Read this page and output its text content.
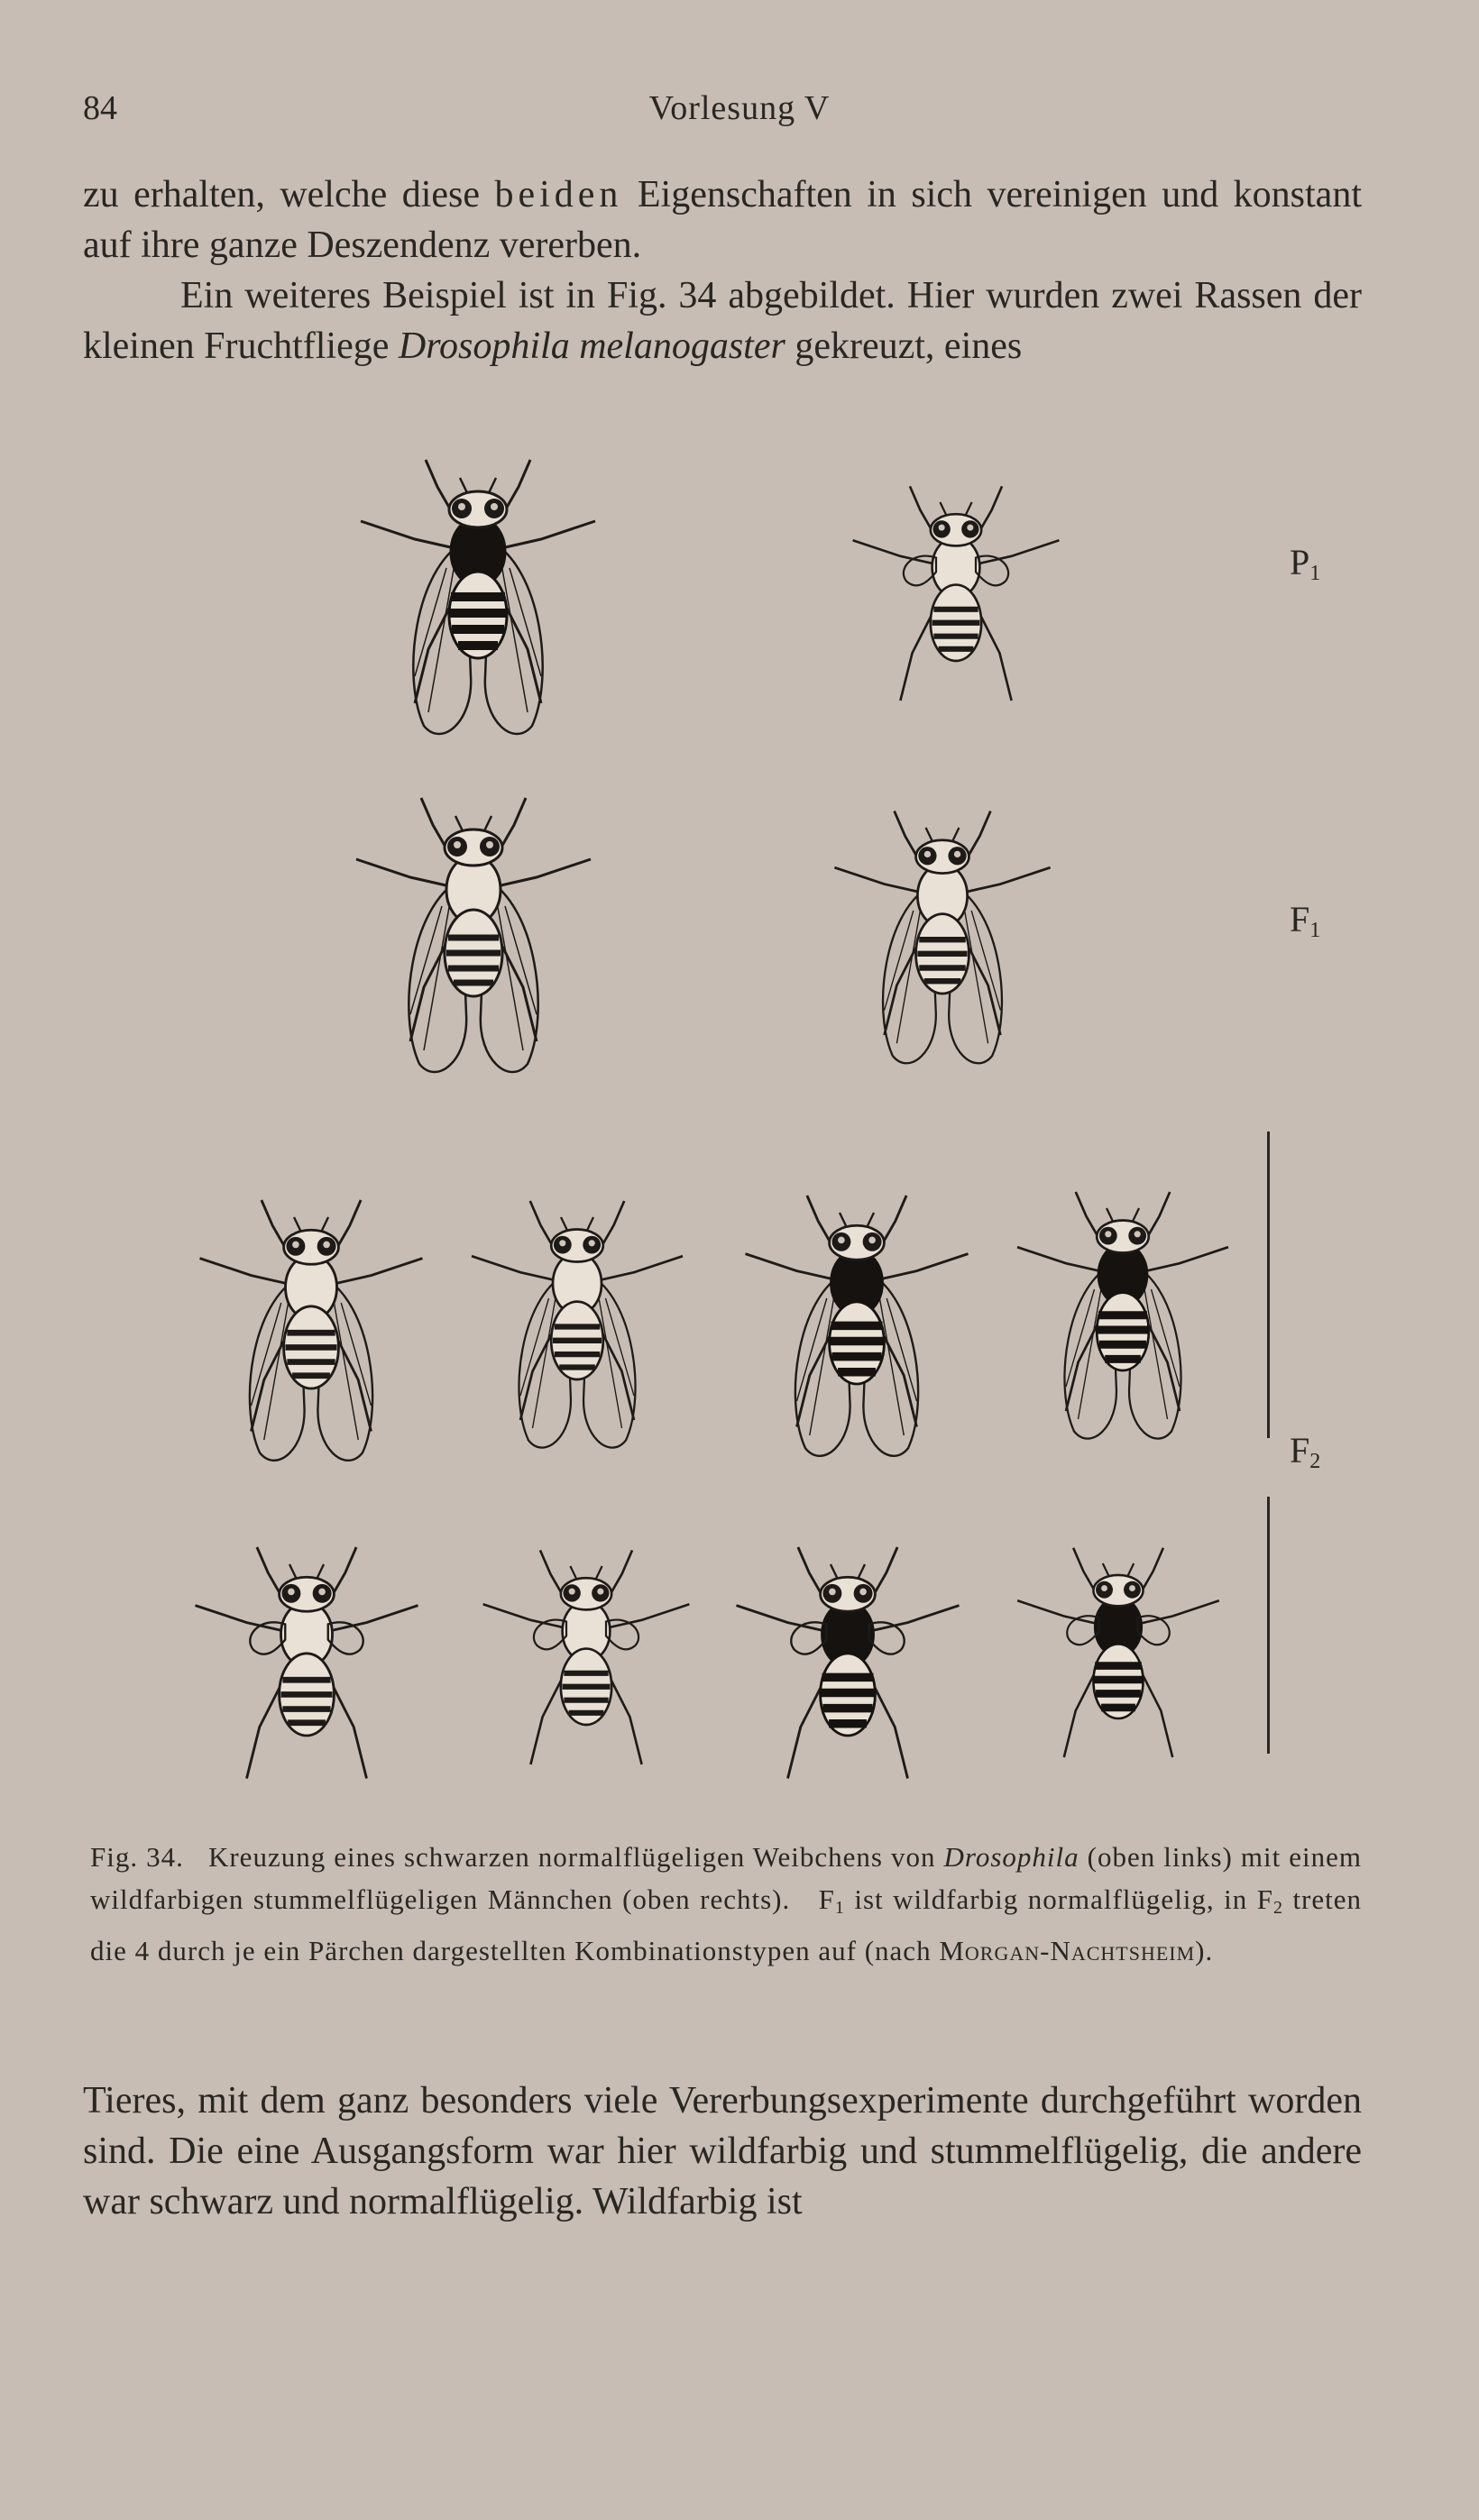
84	Vorlesung V

zu erhalten, welche diese beiden Eigenschaften in sich vereinigen und konstant auf ihre ganze Deszendenz vererben.

Ein weiteres Beispiel ist in Fig. 34 abgebildet. Hier wurden zwei Rassen der kleinen Fruchtfliege Drosophila melanogaster gekreuzt, eines

$P_1$
$F_1$
$F_2$

Fig. 34. Kreuzung eines schwarzen normalflügeligen Weibchens von Drosophila (oben links) mit einem wildfarbigen stummelflügeligen Männchen (oben rechts). $F_1$ ist wildfarbig normalflügelig, in $F_2$ treten die 4 durch je ein Pärchen dargestellten Kombinationstypen auf (nach Morgan-Nachtsheim).

Tieres, mit dem ganz besonders viele Vererbungsexperimente durchgeführt worden sind. Die eine Ausgangsform war hier wildfarbig und stummelflügelig, die andere war schwarz und normalflügelig. Wildfarbig ist
